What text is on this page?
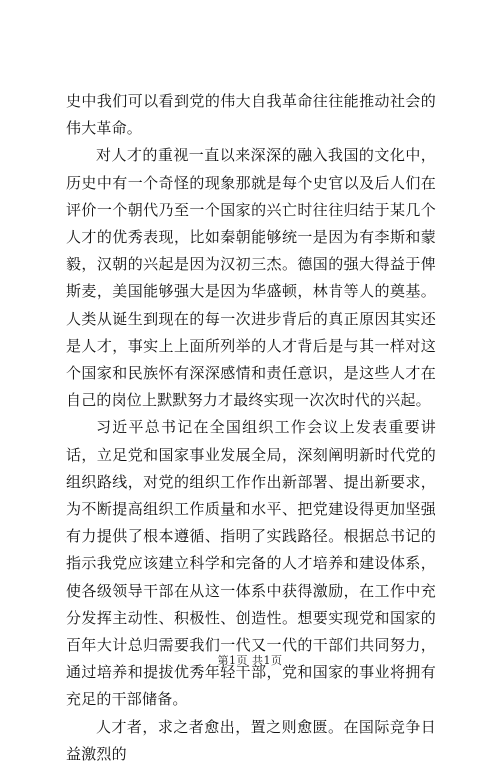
史中我们可以看到党的伟大自我革命往往能推动社会的伟大革命。

对人才的重视一直以来深深的融入我国的文化中，历史中有一个奇怪的现象那就是每个史官以及后人们在评价一个朝代乃至一个国家的兴亡时往往归结于某几个人才的优秀表现，比如秦朝能够统一是因为有李斯和蒙毅，汉朝的兴起是因为汉初三杰。德国的强大得益于俾斯麦，美国能够强大是因为华盛顿，林肯等人的奠基。人类从诞生到现在的每一次进步背后的真正原因其实还是人才，事实上上面所列举的人才背后是与其一样对这个国家和民族怀有深深感情和责任意识，是这些人才在自己的岗位上默默努力才最终实现一次次时代的兴起。

习近平总书记在全国组织工作会议上发表重要讲话，立足党和国家事业发展全局，深刻阐明新时代党的组织路线，对党的组织工作作出新部署、提出新要求，为不断提高组织工作质量和水平、把党建设得更加坚强有力提供了根本遵循、指明了实践路径。根据总书记的指示我党应该建立科学和完备的人才培养和建设体系，使各级领导干部在从这一体系中获得激励，在工作中充分发挥主动性、积极性、创造性。想要实现党和国家的百年大计总归需要我们一代又一代的干部们共同努力，通过培养和提拔优秀年轻干部，党和国家的事业将拥有充足的干部储备。

人才者，求之者愈出，置之则愈匮。在国际竞争日益激烈的

第1页 共1页
